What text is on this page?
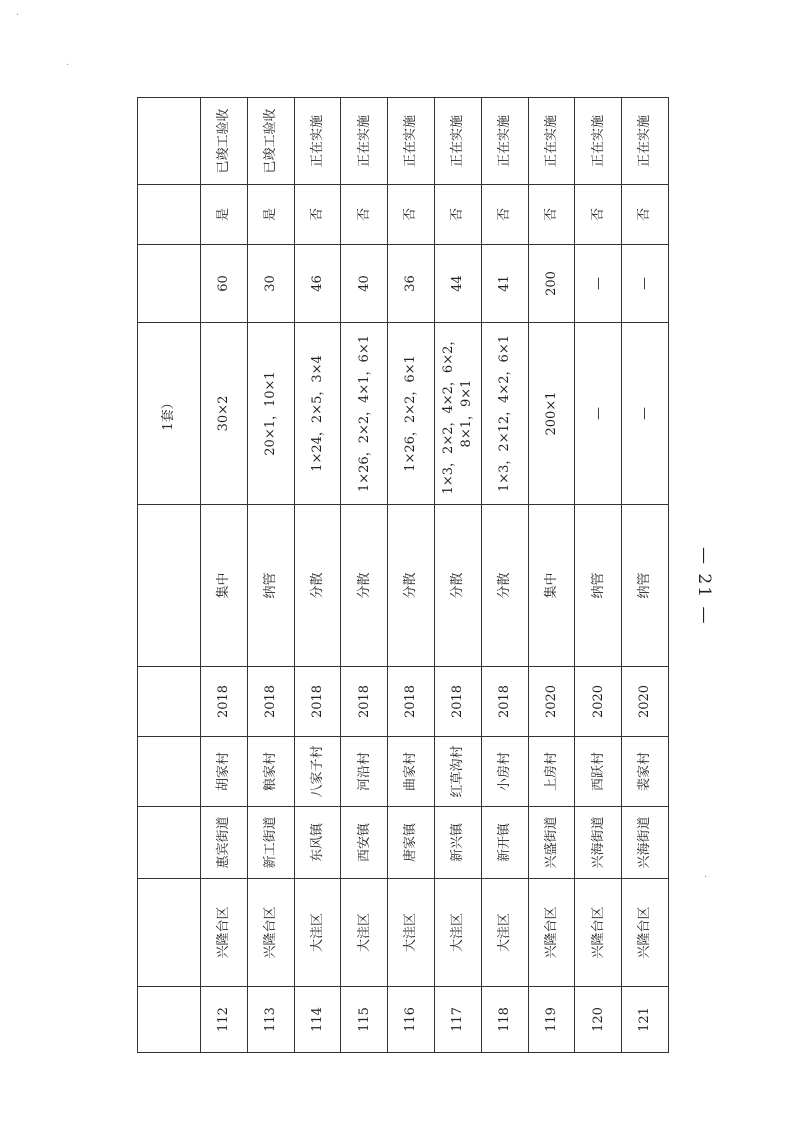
·
·
·
						1套）			
112	兴隆台区	惠宾街道	胡家村	2018	集中	30×2	60	是	已竣工验收
113	兴隆台区	新工街道	粮家村	2018	纳管	20×1，10×1	30	是	已竣工验收
114	大洼区	东风镇	八家子村	2018	分散	1×24，2×5，3×4	46	否	正在实施
115	大洼区	西安镇	河沿村	2018	分散	1×26，2×2，4×1，6×1	40	否	正在实施
116	大洼区	唐家镇	曲家村	2018	分散	1×26，2×2，6×1	36	否	正在实施
117	大洼区	新兴镇	红草沟村	2018	分散	1×3，2×2，4×2，6×2，8×1，9×1	44	否	正在实施
118	大洼区	新开镇	小房村	2018	分散	1×3，2×12，4×2，6×1	41	否	正在实施
119	兴隆台区	兴盛街道	上房村	2020	集中	200×1	200	否	正在实施
120	兴隆台区	兴海街道	西跃村	2020	纳管	—	—	否	正在实施
121	兴隆台区	兴海街道	裴家村	2020	纳管	—	—	否	正在实施
— 21 —
